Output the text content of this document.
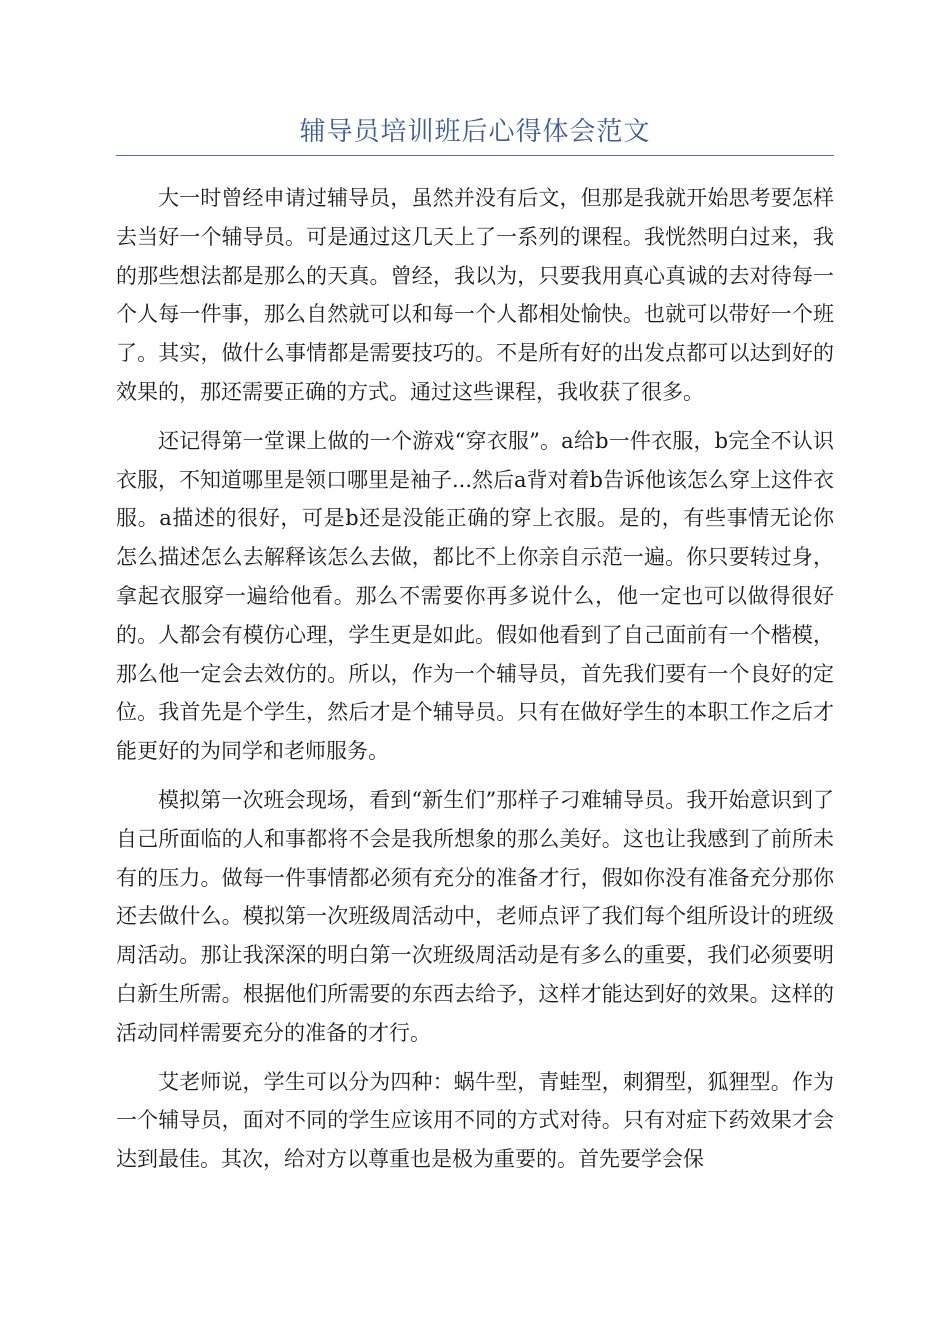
辅导员培训班后心得体会范文

大一时曾经申请过辅导员，虽然并没有后文，但那是我就开始思考要怎样去当好一个辅导员。可是通过这几天上了一系列的课程。我恍然明白过来，我的那些想法都是那么的天真。曾经，我以为，只要我用真心真诚的去对待每一个人每一件事，那么自然就可以和每一个人都相处愉快。也就可以带好一个班了。其实，做什么事情都是需要技巧的。不是所有好的出发点都可以达到好的效果的，那还需要正确的方式。通过这些课程，我收获了很多。

还记得第一堂课上做的一个游戏“穿衣服”。a给b一件衣服，b完全不认识衣服，不知道哪里是领口哪里是袖子...然后a背对着b告诉他该怎么穿上这件衣服。a描述的很好，可是b还是没能正确的穿上衣服。是的，有些事情无论你怎么描述怎么去解释该怎么去做，都比不上你亲自示范一遍。你只要转过身，拿起衣服穿一遍给他看。那么不需要你再多说什么，他一定也可以做得很好的。人都会有模仿心理，学生更是如此。假如他看到了自己面前有一个楷模，那么他一定会去效仿的。所以，作为一个辅导员，首先我们要有一个良好的定位。我首先是个学生，然后才是个辅导员。只有在做好学生的本职工作之后才能更好的为同学和老师服务。

模拟第一次班会现场，看到“新生们”那样子刁难辅导员。我开始意识到了自己所面临的人和事都将不会是我所想象的那么美好。这也让我感到了前所未有的压力。做每一件事情都必须有充分的准备才行，假如你没有准备充分那你还去做什么。模拟第一次班级周活动中，老师点评了我们每个组所设计的班级周活动。那让我深深的明白第一次班级周活动是有多么的重要，我们必须要明白新生所需。根据他们所需要的东西去给予，这样才能达到好的效果。这样的活动同样需要充分的准备的才行。

艾老师说，学生可以分为四种：蜗牛型，青蛙型，刺猬型，狐狸型。作为一个辅导员，面对不同的学生应该用不同的方式对待。只有对症下药效果才会达到最佳。其次，给对方以尊重也是极为重要的。首先要学会保
